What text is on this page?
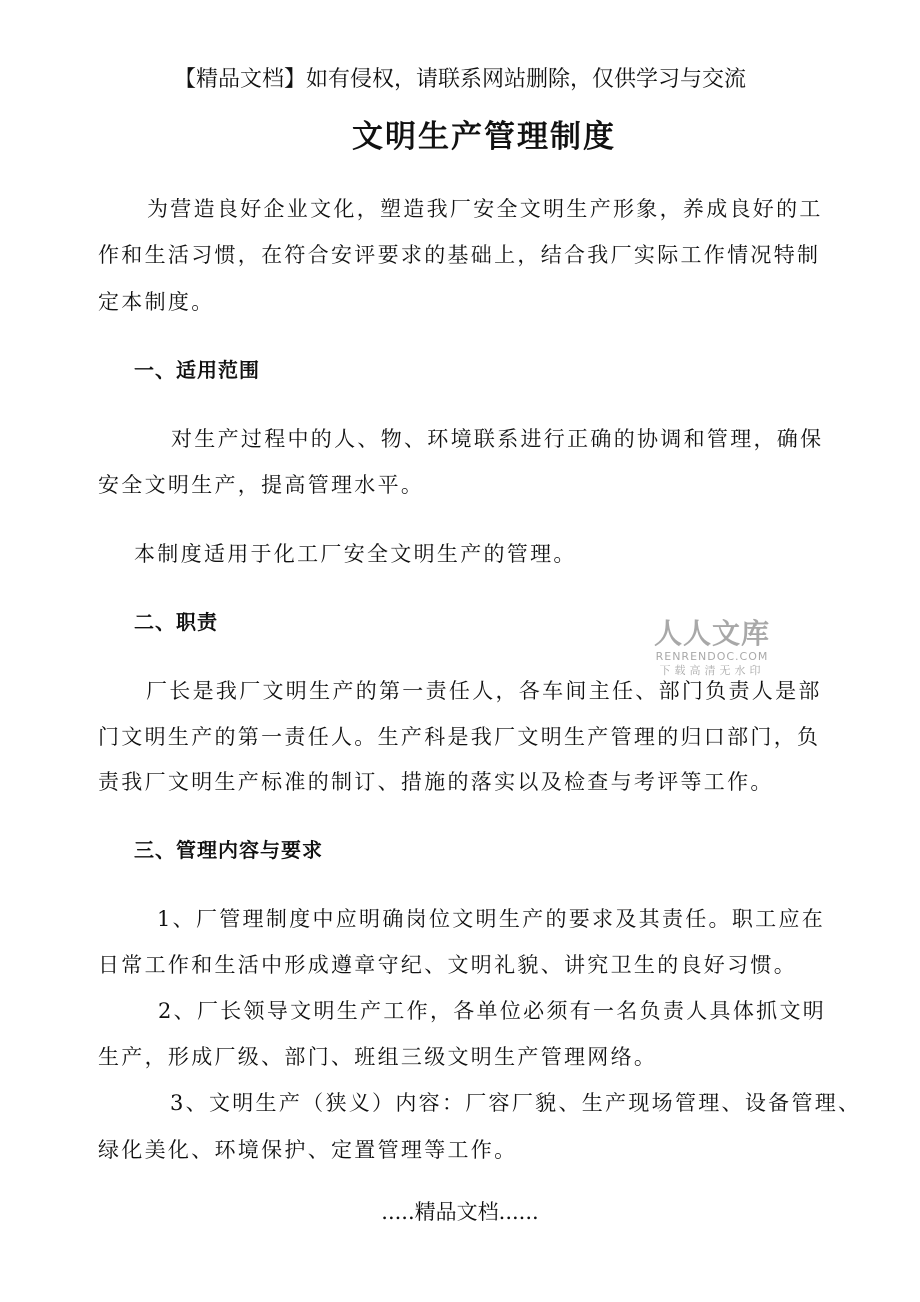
【精品文档】如有侵权，请联系网站删除，仅供学习与交流
文明生产管理制度

为营造良好企业文化，塑造我厂安全文明生产形象，养成良好的工

作和生活习惯，在符合安评要求的基础上，结合我厂实际工作情况特制

定本制度。

一、适用范围

对生产过程中的人、物、环境联系进行正确的协调和管理，确保

安全文明生产，提高管理水平。

本制度适用于化工厂安全文明生产的管理。

二、职责

厂长是我厂文明生产的第一责任人，各车间主任、部门负责人是部

门文明生产的第一责任人。生产科是我厂文明生产管理的归口部门，负

责我厂文明生产标准的制订、措施的落实以及检查与考评等工作。

三、管理内容与要求

1、厂管理制度中应明确岗位文明生产的要求及其责任。职工应在

日常工作和生活中形成遵章守纪、文明礼貌、讲究卫生的良好习惯。

2、厂长领导文明生产工作，各单位必须有一名负责人具体抓文明

生产，形成厂级、部门、班组三级文明生产管理网络。

3、文明生产（狭义）内容：厂容厂貌、生产现场管理、设备管理、

绿化美化、环境保护、定置管理等工作。

人人文库
RENRENDOC.COM
下载高清无水印
.....精品文档......
